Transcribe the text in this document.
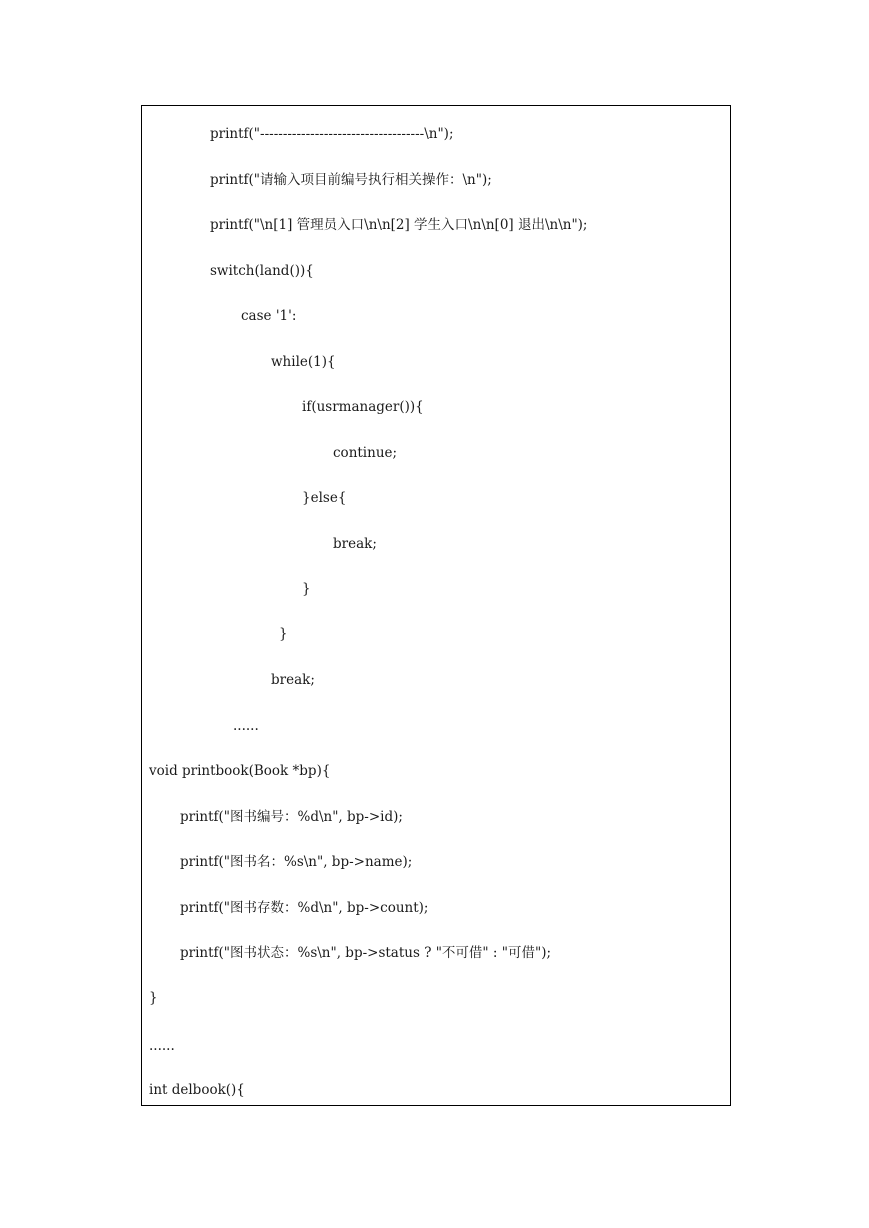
printf("------------------------------------\n");
printf("请输入项目前编号执行相关操作：\n");
printf("\n[1] 管理员入口\n\n[2] 学生入口\n\n[0] 退出\n\n");
switch(land()){
case '1':
while(1){
if(usrmanager()){
continue;
}else{
break;
}
}
break;
......
void printbook(Book *bp){
printf("图书编号：%d\n", bp->id);
printf("图书名：%s\n", bp->name);
printf("图书存数：%d\n", bp->count);
printf("图书状态：%s\n", bp->status ? "不可借" : "可借");
}
......
int delbook(){
